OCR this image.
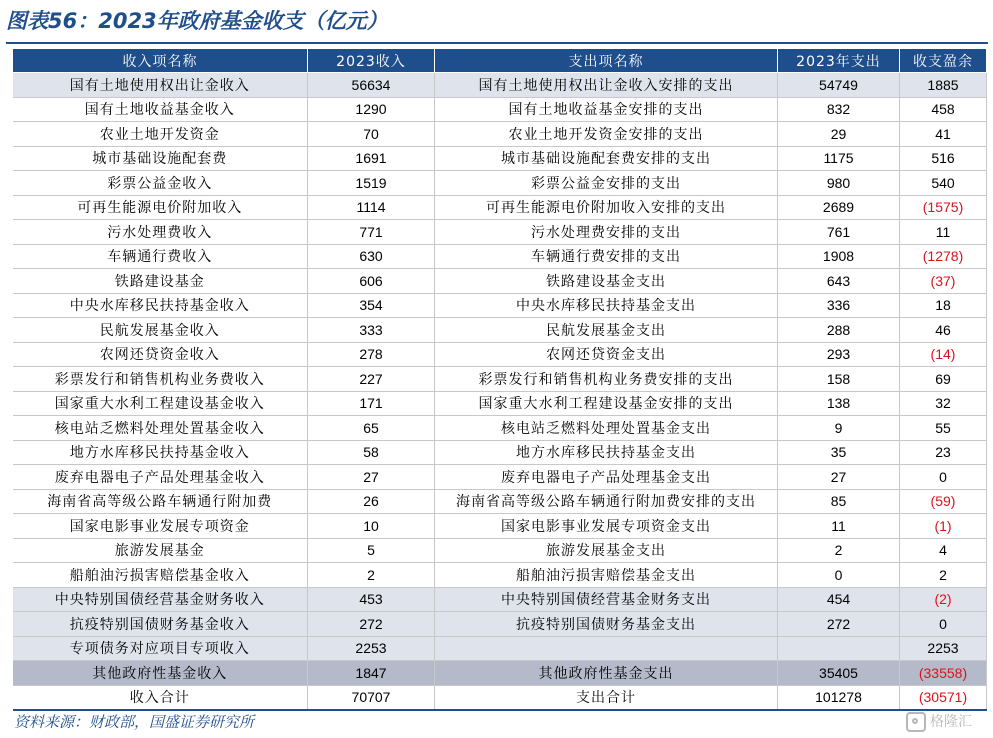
图表56：2023年政府基金收支（亿元）
收入项名称	2023收入	支出项名称	2023年支出	收支盈余
国有土地使用权出让金收入	56634	国有土地使用权出让金收入安排的支出	54749	1885
国有土地收益基金收入	1290	国有土地收益基金安排的支出	832	458
农业土地开发资金	70	农业土地开发资金安排的支出	29	41
城市基础设施配套费	1691	城市基础设施配套费安排的支出	1175	516
彩票公益金收入	1519	彩票公益金安排的支出	980	540
可再生能源电价附加收入	1114	可再生能源电价附加收入安排的支出	2689	(1575)
污水处理费收入	771	污水处理费安排的支出	761	11
车辆通行费收入	630	车辆通行费安排的支出	1908	(1278)
铁路建设基金	606	铁路建设基金支出	643	(37)
中央水库移民扶持基金收入	354	中央水库移民扶持基金支出	336	18
民航发展基金收入	333	民航发展基金支出	288	46
农网还贷资金收入	278	农网还贷资金支出	293	(14)
彩票发行和销售机构业务费收入	227	彩票发行和销售机构业务费安排的支出	158	69
国家重大水利工程建设基金收入	171	国家重大水利工程建设基金安排的支出	138	32
核电站乏燃料处理处置基金收入	65	核电站乏燃料处理处置基金支出	9	55
地方水库移民扶持基金收入	58	地方水库移民扶持基金支出	35	23
废弃电器电子产品处理基金收入	27	废弃电器电子产品处理基金支出	27	0
海南省高等级公路车辆通行附加费	26	海南省高等级公路车辆通行附加费安排的支出	85	(59)
国家电影事业发展专项资金	10	国家电影事业发展专项资金支出	11	(1)
旅游发展基金	5	旅游发展基金支出	2	4
船舶油污损害赔偿基金收入	2	船舶油污损害赔偿基金支出	0	2
中央特别国债经营基金财务收入	453	中央特别国债经营基金财务支出	454	(2)
抗疫特别国债财务基金收入	272	抗疫特别国债财务基金支出	272	0
专项债务对应项目专项收入	2253			2253
其他政府性基金收入	1847	其他政府性基金支出	35405	(33558)
收入合计	70707	支出合计	101278	(30571)
资料来源：财政部，国盛证券研究所	格隆汇
